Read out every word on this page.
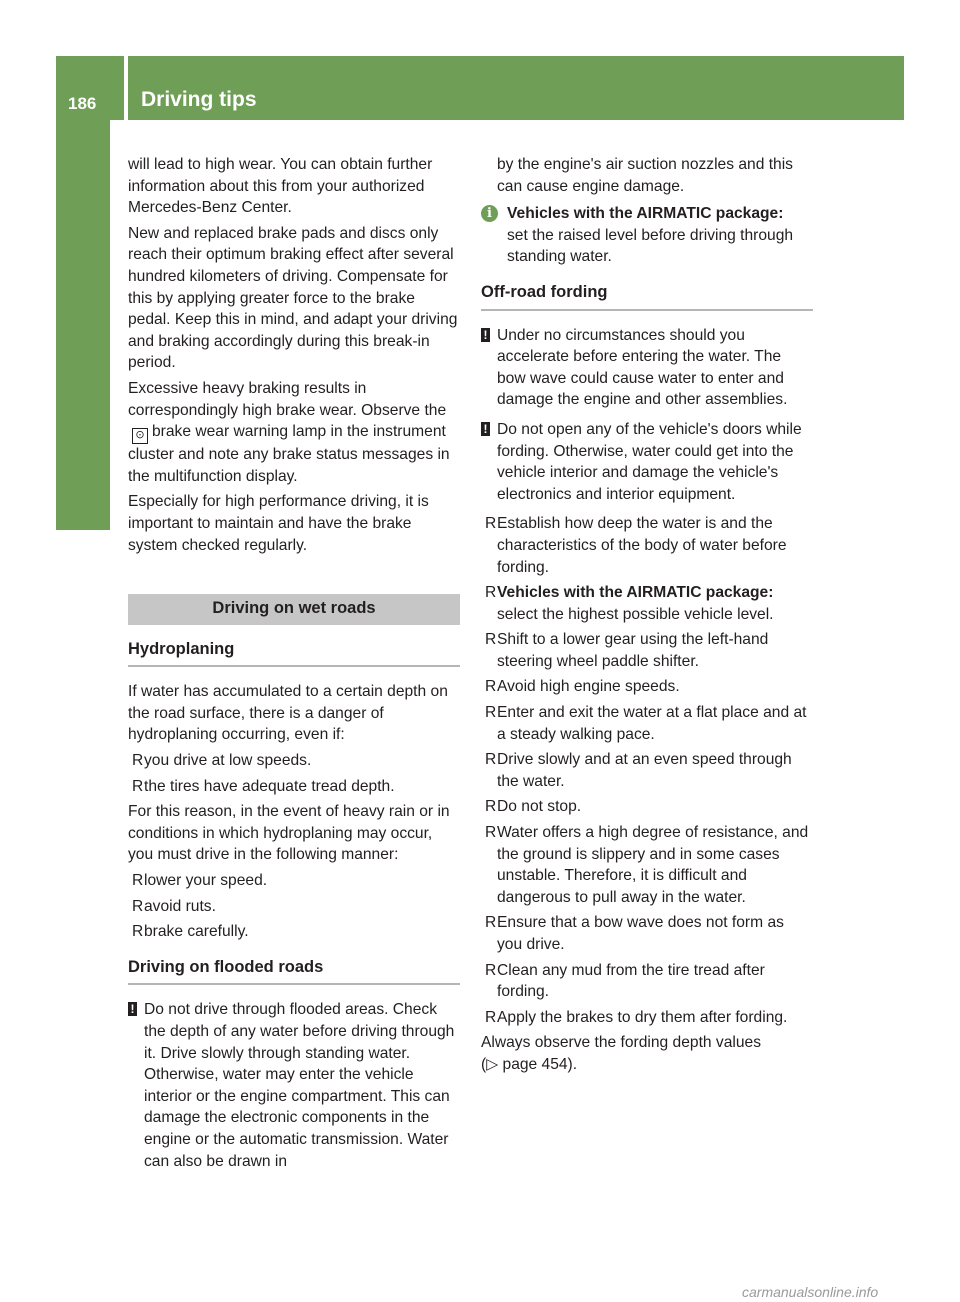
186 Driving tips
Driving and parking

will lead to high wear. You can obtain further information about this from your authorized Mercedes-Benz Center.

New and replaced brake pads and discs only reach their optimum braking effect after several hundred kilometers of driving. Compensate for this by applying greater force to the brake pedal. Keep this in mind, and adapt your driving and braking accordingly during this break-in period.

Excessive heavy braking results in correspondingly high brake wear. Observe the⊙ brake wear warning lamp in the instrument cluster and note any brake status messages in the multifunction display.

Especially for high performance driving, it is important to maintain and have the brake system checked regularly.

Driving on wet roads
Hydroplaning

If water has accumulated to a certain depth on the road surface, there is a danger of hydroplaning occurring, even if:

R you drive at low speeds.
R the tires have adequate tread depth.

For this reason, in the event of heavy rain or in conditions in which hydroplaning may occur, you must drive in the following manner:

R lower your speed.
R avoid ruts.
R brake carefully.
Driving on flooded roads
! Do not drive through flooded areas. Check the depth of any water before driving through it. Drive slowly through standing water. Otherwise, water may enter the vehicle interior or the engine compartment. This can damage the electronic components in the engine or the automatic transmission. Water can also be drawn in

by the engine's air suction nozzles and this can cause engine damage.

i Vehicles with the AIRMATIC package:
set the raised level before driving through standing water.
Off-road fording
! Under no circumstances should you accelerate before entering the water. The bow wave could cause water to enter and damage the engine and other assemblies.
! Do not open any of the vehicle's doors while fording. Otherwise, water could get into the vehicle interior and damage the vehicle's electronics and interior equipment.
R Establish how deep the water is and the characteristics of the body of water before fording.
R Vehicles with the AIRMATIC package:
select the highest possible vehicle level.
R Shift to a lower gear using the left-hand steering wheel paddle shifter.
R Avoid high engine speeds.
R Enter and exit the water at a flat place and at a steady walking pace.
R Drive slowly and at an even speed through the water.
R Do not stop.
R Water offers a high degree of resistance, and the ground is slippery and in some cases unstable. Therefore, it is difficult and dangerous to pull away in the water.
R Ensure that a bow wave does not form as you drive.
R Clean any mud from the tire tread after fording.
R Apply the brakes to dry them after fording.

Always observe the fording depth values
(▷ page 454).

carmanualsonline.info
